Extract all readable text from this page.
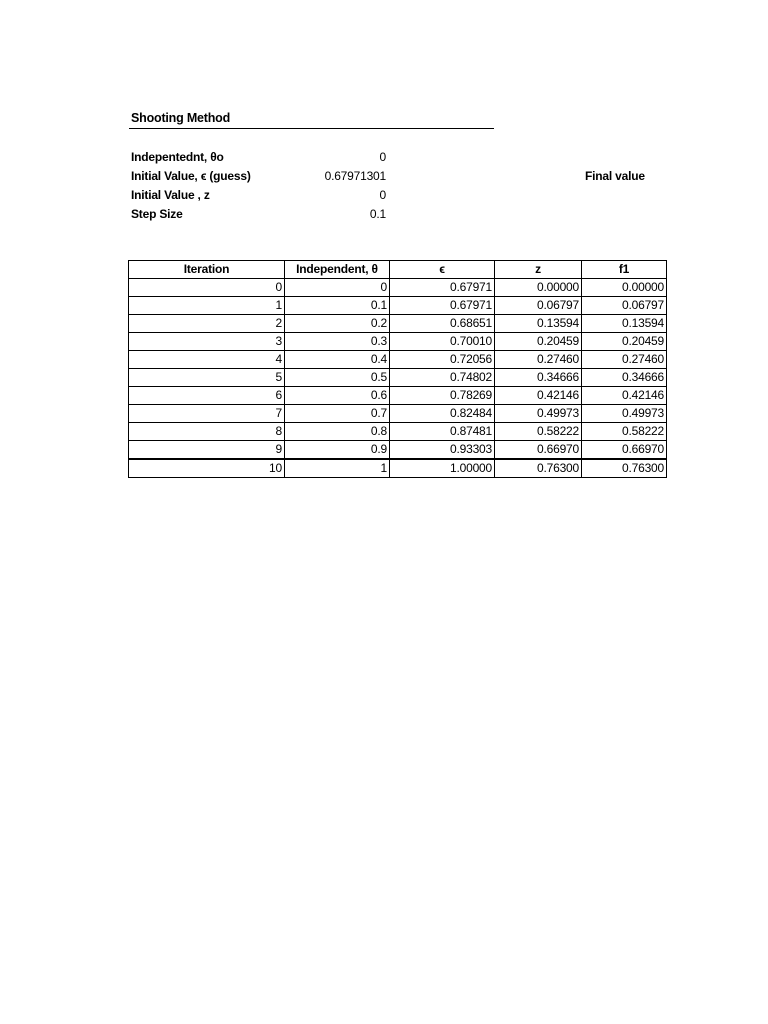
Shooting Method
Indepentednt, θo	0
Initial Value, ϵ (guess)	0.67971301
Initial Value , z	0
Step Size	0.1
Final value
Iteration	Independent, θ	ϵ	z	f1
0	0	0.67971	0.00000	0.00000
1	0.1	0.67971	0.06797	0.06797
2	0.2	0.68651	0.13594	0.13594
3	0.3	0.70010	0.20459	0.20459
4	0.4	0.72056	0.27460	0.27460
5	0.5	0.74802	0.34666	0.34666
6	0.6	0.78269	0.42146	0.42146
7	0.7	0.82484	0.49973	0.49973
8	0.8	0.87481	0.58222	0.58222
9	0.9	0.93303	0.66970	0.66970
10	1	1.00000	0.76300	0.76300
